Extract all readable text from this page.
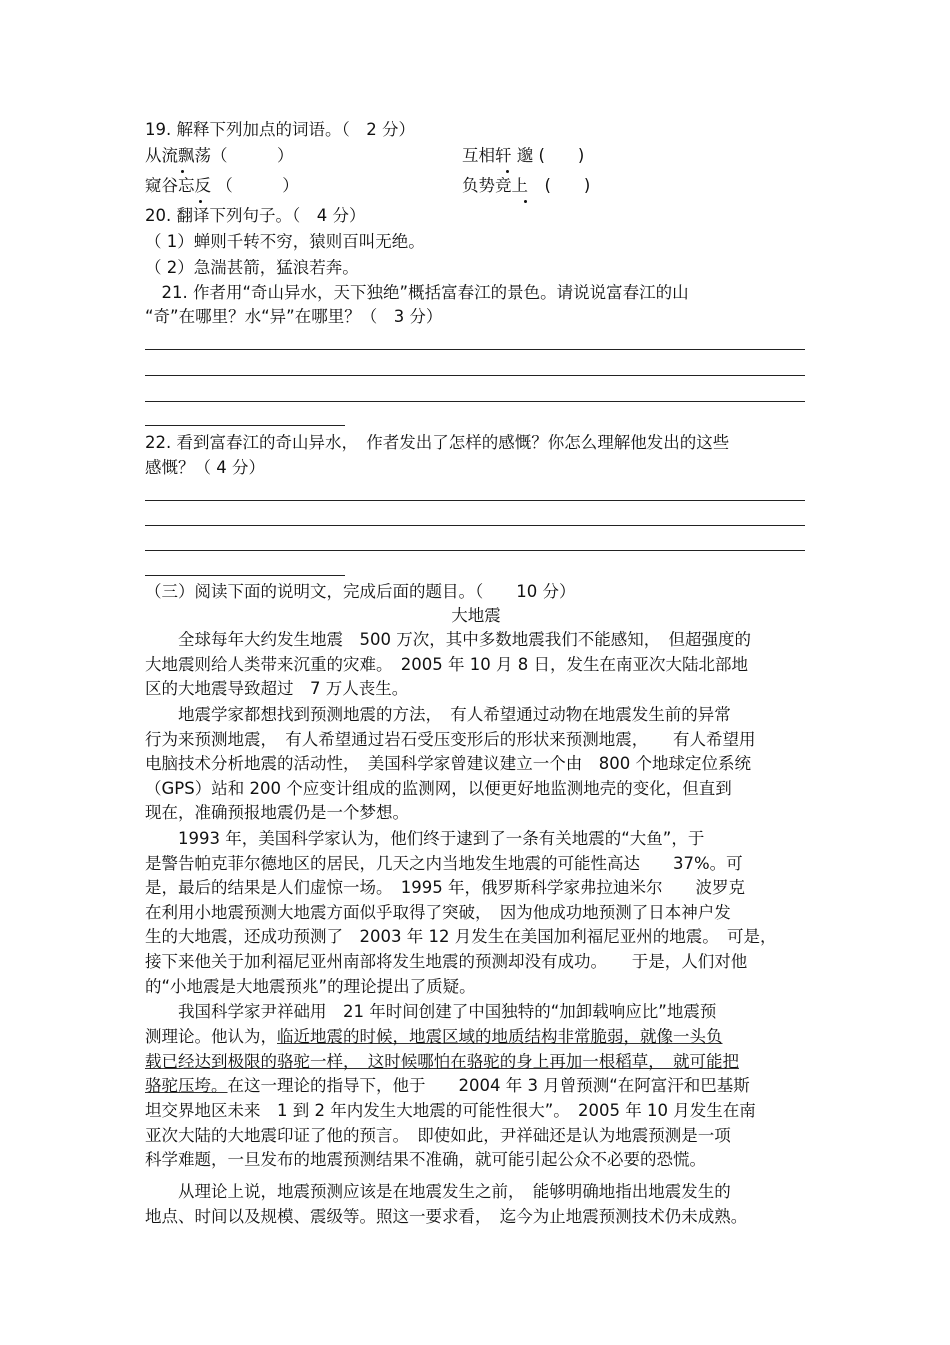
19. 解释下列加点的词语。（　2 分）
从流飘荡（　　　）	互相轩 邈 (　　)
窥谷忘反 （　　　）	负势竞上　(　　)
20. 翻译下列句子。（　4 分）
（ 1）蝉则千转不穷，猿则百叫无绝。
（ 2）急湍甚箭，猛浪若奔。
　21. 作者用“奇山异水，天下独绝”概括富春江的景色。请说说富春江的山
“奇”在哪里？水“异”在哪里？（　3 分）
22. 看到富春江的奇山异水，　作者发出了怎样的感慨？你怎么理解他发出的这些
感慨？（ 4 分）
（三）阅读下面的说明文，完成后面的题目。（　　10 分）
大地震
　　全球每年大约发生地震　500 万次，其中多数地震我们不能感知，　但超强度的
大地震则给人类带来沉重的灾难。　2005 年 10 月 8 日，发生在南亚次大陆北部地
区的大地震导致超过　7 万人丧生。
　　地震学家都想找到预测地震的方法，　有人希望通过动物在地震发生前的异常
行为来预测地震，　有人希望通过岩石受压变形后的形状来预测地震，　　有人希望用
电脑技术分析地震的活动性，　美国科学家曾建议建立一个由　800 个地球定位系统
（GPS）站和 200 个应变计组成的监测网，以便更好地监测地壳的变化，但直到
现在，准确预报地震仍是一个梦想。
　　1993 年，美国科学家认为，他们终于逮到了一条有关地震的“大鱼”，于
是警告帕克菲尔德地区的居民，几天之内当地发生地震的可能性高达　　37%。可
是，最后的结果是人们虚惊一场。　1995 年，俄罗斯科学家弗拉迪米尔　　波罗克
在利用小地震预测大地震方面似乎取得了突破，　因为他成功地预测了日本神户发
生的大地震，还成功预测了　2003 年 12 月发生在美国加利福尼亚州的地震。　可是，
接下来他关于加利福尼亚州南部将发生地震的预测却没有成功。　　于是，人们对他
的“小地震是大地震预兆”的理论提出了质疑。
　　我国科学家尹祥础用　21 年时间创建了中国独特的“加卸载响应比”地震预
测理论。他认为，临近地震的时候，地震区域的地质结构非常脆弱，就像一头负
载已经达到极限的骆驼一样，　这时候哪怕在骆驼的身上再加一根稻草，　就可能把
骆驼压垮。在这一理论的指导下，他于　　2004 年 3 月曾预测“在阿富汗和巴基斯
坦交界地区未来　1 到 2 年内发生大地震的可能性很大”。　2005 年 10 月发生在南
亚次大陆的大地震印证了他的预言。　即使如此，尹祥础还是认为地震预测是一项
科学难题，一旦发布的地震预测结果不准确，就可能引起公众不必要的恐慌。
　　从理论上说，地震预测应该是在地震发生之前，　能够明确地指出地震发生的
地点、时间以及规模、震级等。照这一要求看，　迄今为止地震预测技术仍未成熟。
